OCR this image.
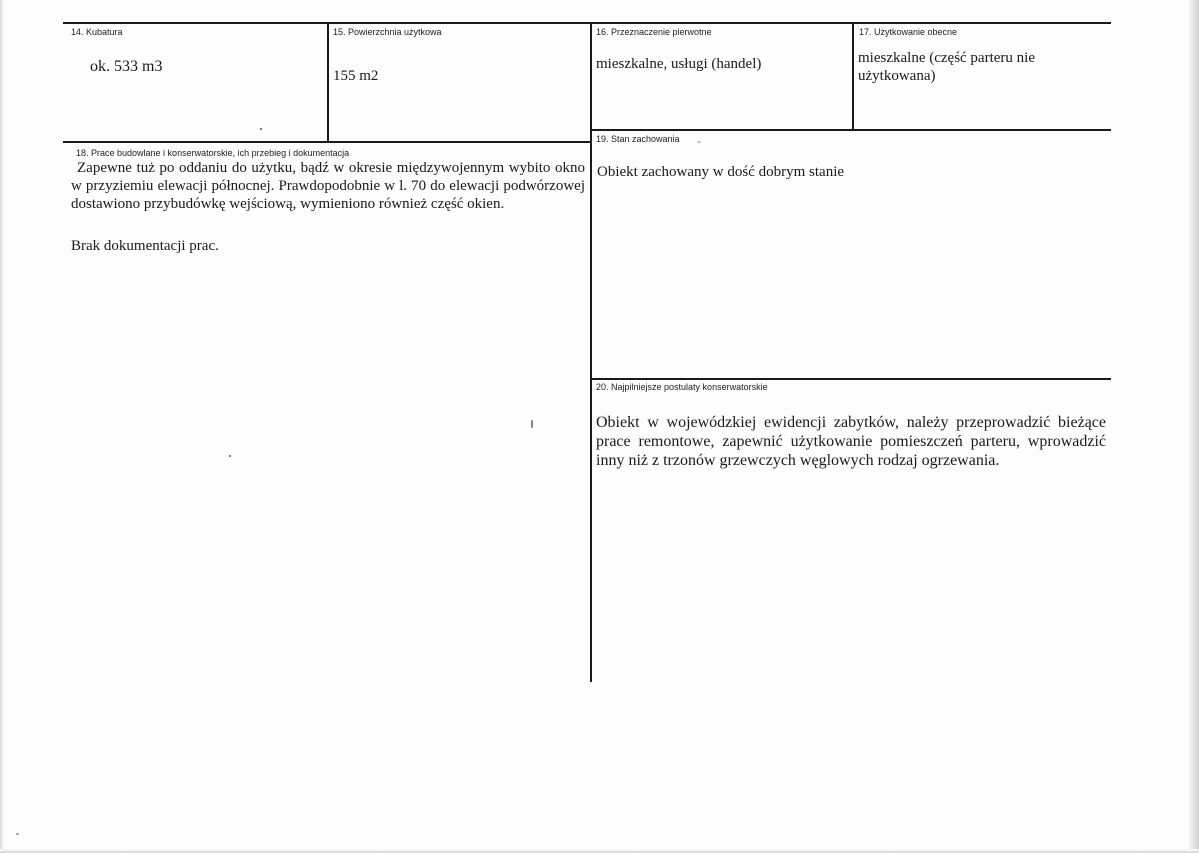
14. Kubatura
ok. 533 m3
15. Powierzchnia użytkowa
155 m2
16. Przeznaczenie pierwotne
mieszkalne, usługi (handel)
17. Użytkowanie obecne
mieszkalne (część parteru nie
użytkowana)
18. Prace budowlane i konserwatorskie, ich przebieg i dokumentacja
Zapewne tuż po oddaniu do użytku, bądź w okresie międzywojennym wybito okno w przyziemiu elewacji północnej. Prawdopodobnie w l. 70 do elewacji podwórzowej dostawiono przybudówkę wejściową, wymieniono również część okien.
Brak dokumentacji prac.
19. Stan zachowania
Obiekt zachowany w dość dobrym stanie
20. Najpilniejsze postulaty konserwatorskie
Obiekt w wojewódzkiej ewidencji zabytków, należy przeprowadzić bieżące prace remontowe, zapewnić użytkowanie pomieszczeń parteru, wprowadzić inny niż z trzonów grzewczych węglowych rodzaj ogrzewania.
